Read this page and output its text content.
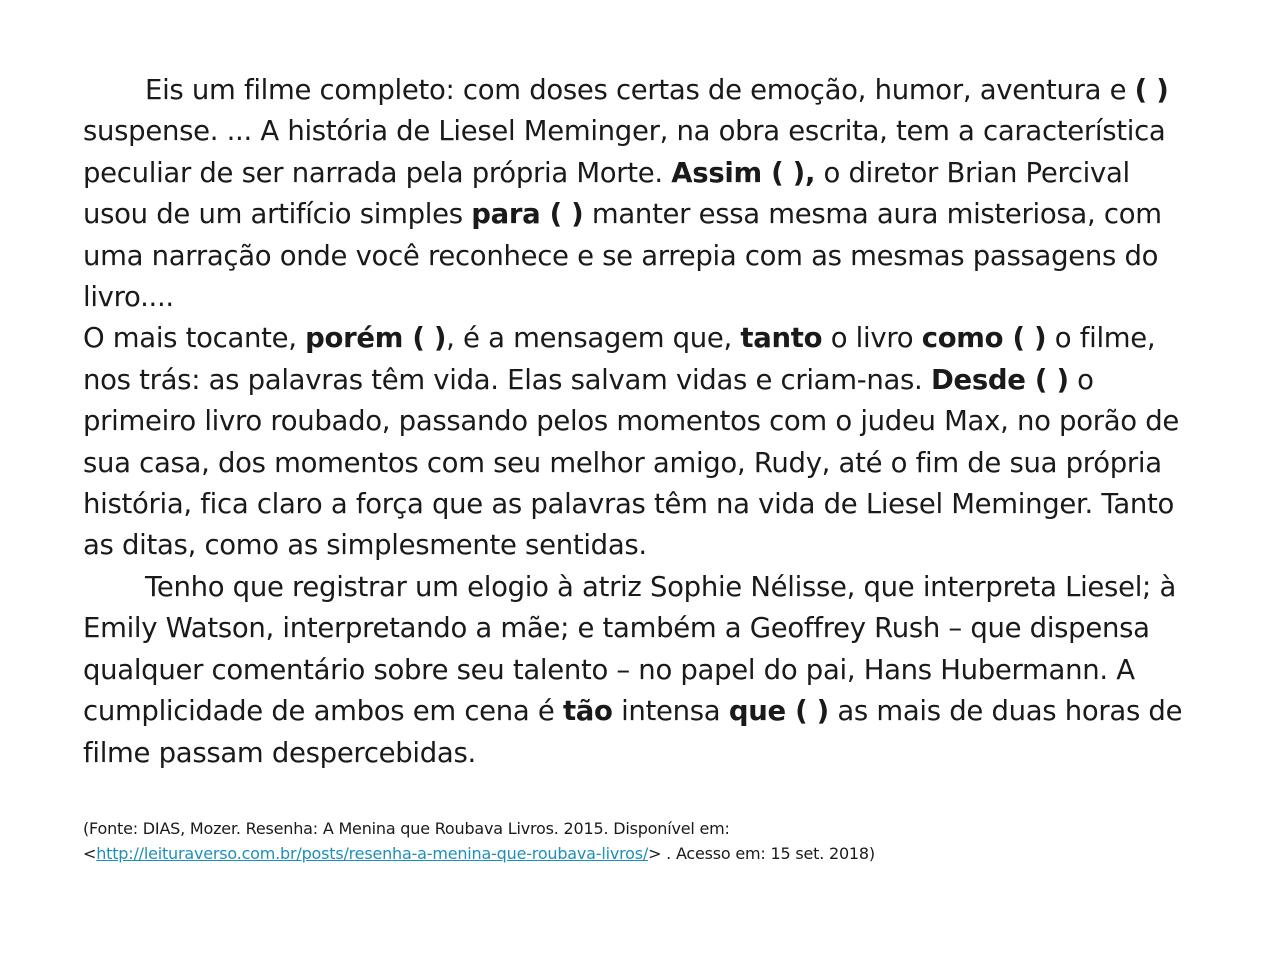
Eis um filme completo: com doses certas de emoção, humor, aventura e ( ) suspense. ... A história de Liesel Meminger, na obra escrita, tem a característica peculiar de ser narrada pela própria Morte. Assim ( ), o diretor Brian Percival usou de um artifício simples para ( ) manter essa mesma aura misteriosa, com uma narração onde você reconhece e se arrepia com as mesmas passagens do livro....

O mais tocante, porém ( ), é a mensagem que, tanto o livro como ( ) o filme, nos trás: as palavras têm vida. Elas salvam vidas e criam-nas. Desde ( ) o primeiro livro roubado, passando pelos momentos com o judeu Max, no porão de sua casa, dos momentos com seu melhor amigo, Rudy, até o fim de sua própria história, fica claro a força que as palavras têm na vida de Liesel Meminger. Tanto as ditas, como as simplesmente sentidas.

Tenho que registrar um elogio à atriz Sophie Nélisse, que interpreta Liesel; à Emily Watson, interpretando a mãe; e também a Geoffrey Rush – que dispensa qualquer comentário sobre seu talento – no papel do pai, Hans Hubermann. A cumplicidade de ambos em cena é tão intensa que ( ) as mais de duas horas de filme passam despercebidas.

(Fonte: DIAS, Mozer. Resenha: A Menina que Roubava Livros. 2015. Disponível em:
<http://leituraverso.com.br/posts/resenha-a-menina-que-roubava-livros/> . Acesso em: 15 set. 2018)
